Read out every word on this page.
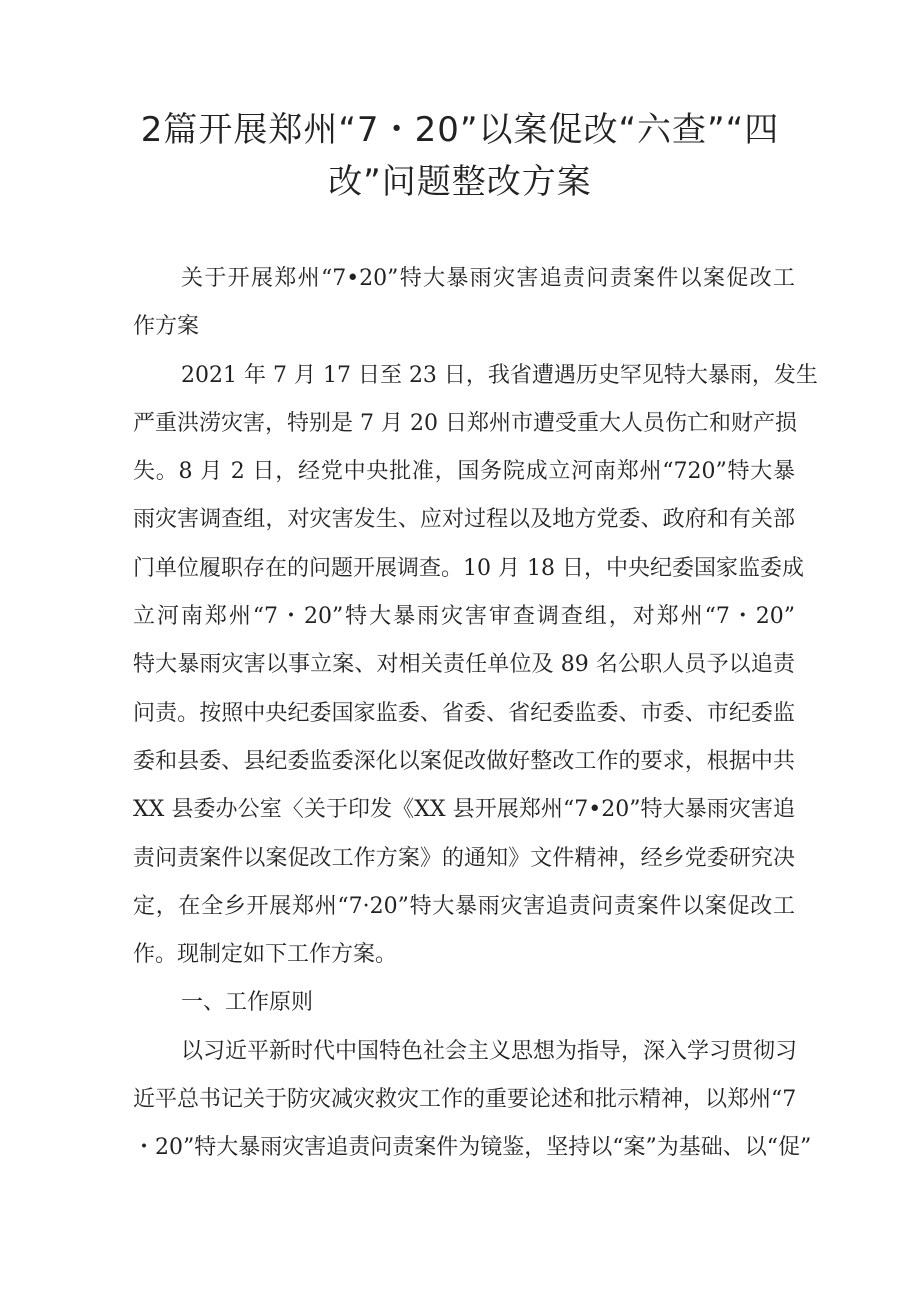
2篇开展郑州“7・20”以案促改“六查”“四
改”问题整改方案
关于开展郑州“7•20”特大暴雨灾害追责问责案件以案促改工
作方案
2021 年 7 月 17 日至 23 日，我省遭遇历史罕见特大暴雨，发生
严重洪涝灾害，特别是 7 月 20 日郑州市遭受重大人员伤亡和财产损
失。8 月 2 日，经党中央批准，国务院成立河南郑州“720”特大暴
雨灾害调查组，对灾害发生、应对过程以及地方党委、政府和有关部
门单位履职存在的问题开展调查。10 月 18 日，中央纪委国家监委成
立河南郑州“7・20”特大暴雨灾害审查调查组，对郑州“7・20”
特大暴雨灾害以事立案、对相关责任单位及 89 名公职人员予以追责
问责。按照中央纪委国家监委、省委、省纪委监委、市委、市纪委监
委和县委、县纪委监委深化以案促改做好整改工作的要求，根据中共
XX 县委办公室〈关于印发《XX 县开展郑州“7•20”特大暴雨灾害追
责问责案件以案促改工作方案》的通知》文件精神，经乡党委研究决
定，在全乡开展郑州“7·20”特大暴雨灾害追责问责案件以案促改工
作。现制定如下工作方案。
一、工作原则
以习近平新时代中国特色社会主义思想为指导，深入学习贯彻习
近平总书记关于防灾减灾救灾工作的重要论述和批示精神，以郑州“7
・20”特大暴雨灾害追责问责案件为镜鉴，坚持以“案”为基础、以“促”
